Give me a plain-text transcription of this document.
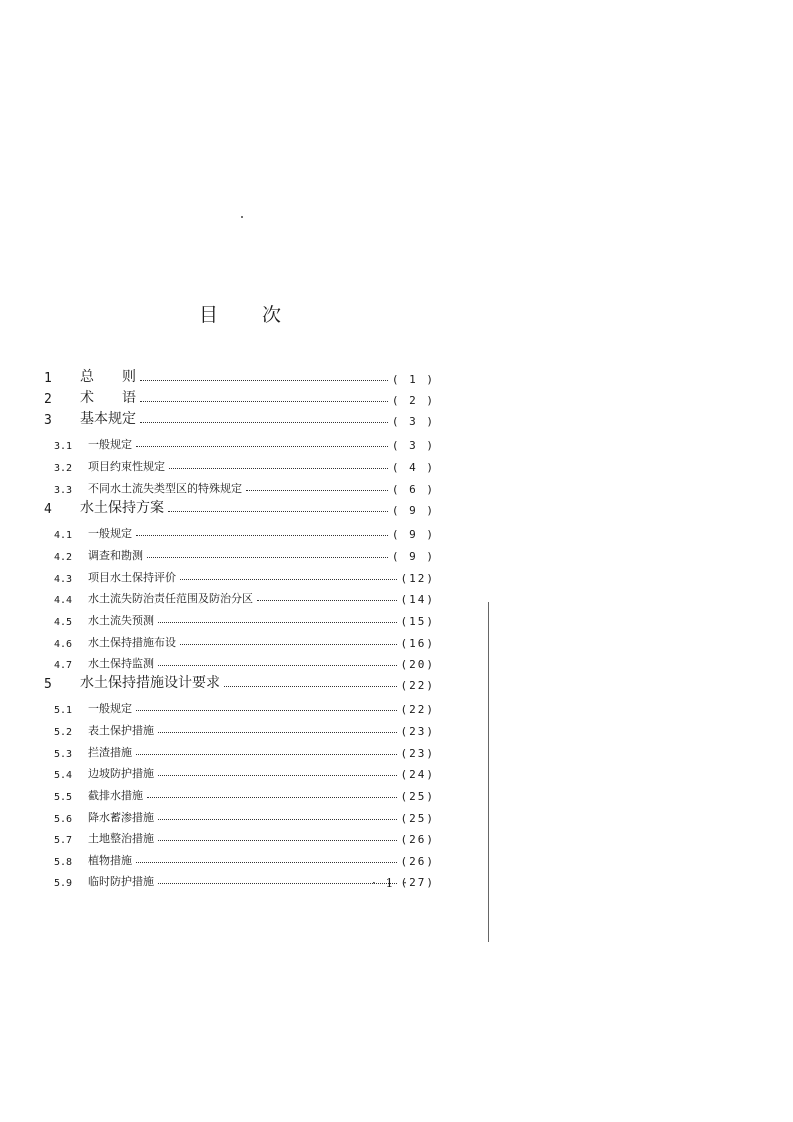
目 次
1	总　　则	( 1 )
2	术　　语	( 2 )
3	基本规定	( 3 )
3.1	一般规定	( 3 )
3.2	项目约束性规定	( 4 )
3.3	不同水土流失类型区的特殊规定	( 6 )
4	水土保持方案	( 9 )
4.1	一般规定	( 9 )
4.2	调查和勘测	( 9 )
4.3	项目水土保持评价	(12)
4.4	水土流失防治责任范围及防治分区	(14)
4.5	水土流失预测	(15)
4.6	水土保持措施布设	(16)
4.7	水土保持监测	(20)
5	水土保持措施设计要求	(22)
5.1	一般规定	(22)
5.2	表土保护措施	(23)
5.3	拦渣措施	(23)
5.4	边坡防护措施	(24)
5.5	截排水措施	(25)
5.6	降水蓄渗措施	(25)
5.7	土地整治措施	(26)
5.8	植物措施	(26)
5.9	临时防护措施	(27)
· 1 ·
